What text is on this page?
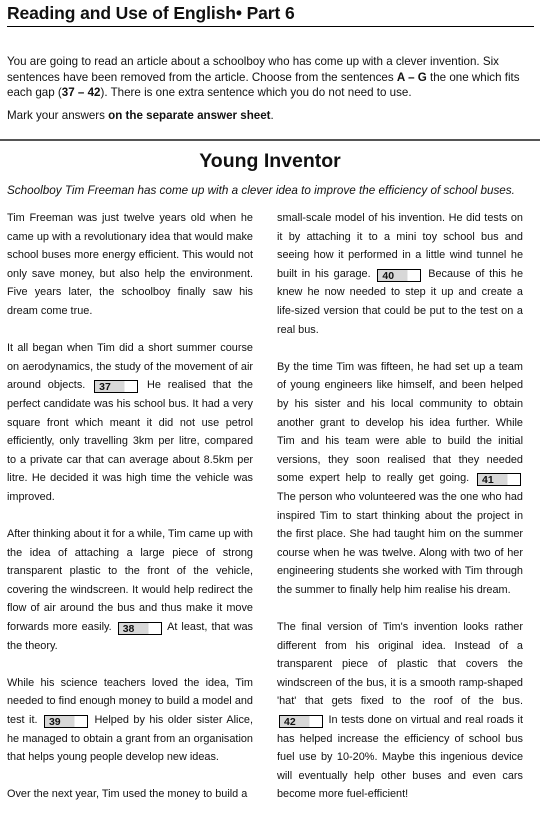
Reading and Use of English• Part 6

You are going to read an article about a schoolboy who has come up with a clever invention. Six sentences have been removed from the article. Choose from the sentences A – G the one which fits each gap (37 – 42). There is one extra sentence which you do not need to use.

Mark your answers on the separate answer sheet.

Young Inventor
Schoolboy Tim Freeman has come up with a clever idea to improve the efficiency of school buses.

Tim Freeman was just twelve years old when he came up with a revolutionary idea that would make school buses more energy efficient. This would not only save money, but also help the environment. Five years later, the schoolboy finally saw his dream come true.

It all began when Tim did a short summer course on aerodynamics, the study of the movement of air around objects. 37	He realised that the perfect candidate was his school bus. It had a very square front which meant it did not use petrol efficiently, only travelling 3km per litre, compared to a private car that can average about 8.5km per litre. He decided it was high time the vehicle was improved.

After thinking about it for a while, Tim came up with the idea of attaching a large piece of strong transparent plastic to the front of the vehicle, covering the windscreen. It would help redirect the flow of air around the bus and thus make it move forwards more easily. 38	At least, that was the theory.

While his science teachers loved the idea, Tim needed to find enough money to build a model and test it. 39	Helped by his older sister Alice, he managed to obtain a grant from an organisation that helps young people develop new ideas.

Over the next year, Tim used the money to build a

small-scale model of his invention. He did tests on it by attaching it to a mini toy school bus and seeing how it performed in a little wind tunnel he built in his garage. 40	Because of this he knew he now needed to step it up and create a life-sized version that could be put to the test on a real bus.

By the time Tim was fifteen, he had set up a team of young engineers like himself, and been helped by his sister and his local community to obtain another grant to develop his idea further. While Tim and his team were able to build the initial versions, they soon realised that they needed some expert help to really get going. 41 The person who volunteered was the one who had inspired Tim to start thinking about the project in the first place. She had taught him on the summer course when he was twelve. Along with two of her engineering students she worked with Tim through the summer to finally help him realise his dream.

The final version of Tim's invention looks rather different from his original idea. Instead of a transparent piece of plastic that covers the windscreen of the bus, it is a smooth ramp-shaped 'hat' that gets fixed to the roof of the bus. 42	In tests done on virtual and real roads it has helped increase the efficiency of school bus fuel use by 10-20%. Maybe this ingenious device will eventually help other buses and even cars become more fuel-efficient!
